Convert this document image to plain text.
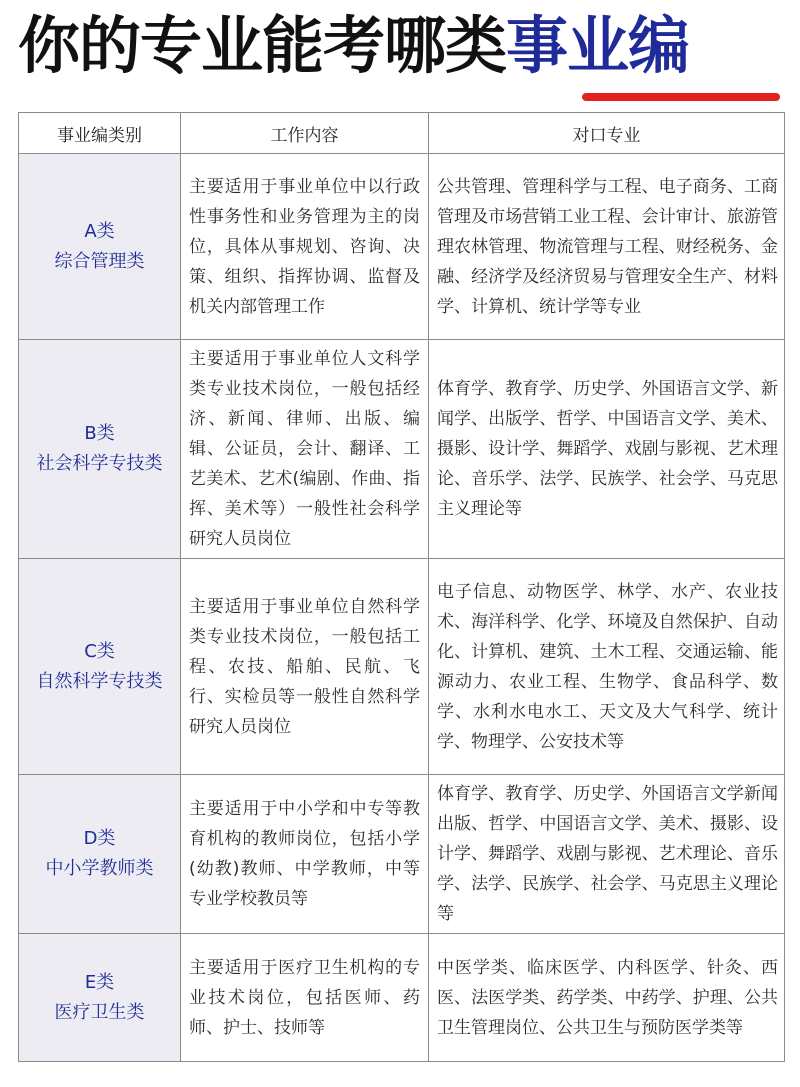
你的专业能考哪类事业编
事业编类别	工作内容	对口专业

A类
综合管理类	主要适用于事业单位中以行政性事务性和业务管理为主的岗位，具体从事规划、咨询、决策、组织、指挥协调、监督及机关内部管理工作	公共管理、管理科学与工程、电子商务、工商管理及市场营销工业工程、会计审计、旅游管理农林管理、物流管理与工程、财经税务、金融、经济学及经济贸易与管理安全生产、材料学、计算机、统计学等专业

B类
社会科学专技类	主要适用于事业单位人文科学类专业技术岗位，一般包括经济、新闻、律师、出版、编辑、公证员，会计、翻译、工艺美术、艺术(编剧、作曲、指挥、美术等）一般性社会科学研究人员岗位	体育学、教育学、历史学、外国语言文学、新闻学、出版学、哲学、中国语言文学、美术、摄影、设计学、舞蹈学、戏剧与影视、艺术理论、音乐学、法学、民族学、社会学、马克思主义理论等

C类
自然科学专技类	主要适用于事业单位自然科学类专业技术岗位，一般包括工程、农技、船舶、民航、飞行、实检员等一般性自然科学研究人员岗位	电子信息、动物医学、林学、水产、农业技术、海洋科学、化学、环境及自然保护、自动化、计算机、建筑、土木工程、交通运输、能源动力、农业工程、生物学、食品科学、数学、水利水电水工、天文及大气科学、统计学、物理学、公安技术等

D类
中小学教师类	主要适用于中小学和中专等教育机构的教师岗位，包括小学(幼教)教师、中学教师，中等专业学校教员等	体育学、教育学、历史学、外国语言文学新闻出版、哲学、中国语言文学、美术、摄影、设计学、舞蹈学、戏剧与影视、艺术理论、音乐学、法学、民族学、社会学、马克思主义理论等

E类
医疗卫生类	主要适用于医疗卫生机构的专业技术岗位，包括医师、药师、护士、技师等	中医学类、临床医学、内科医学、针灸、西医、法医学类、药学类、中药学、护理、公共卫生管理岗位、公共卫生与预防医学类等
